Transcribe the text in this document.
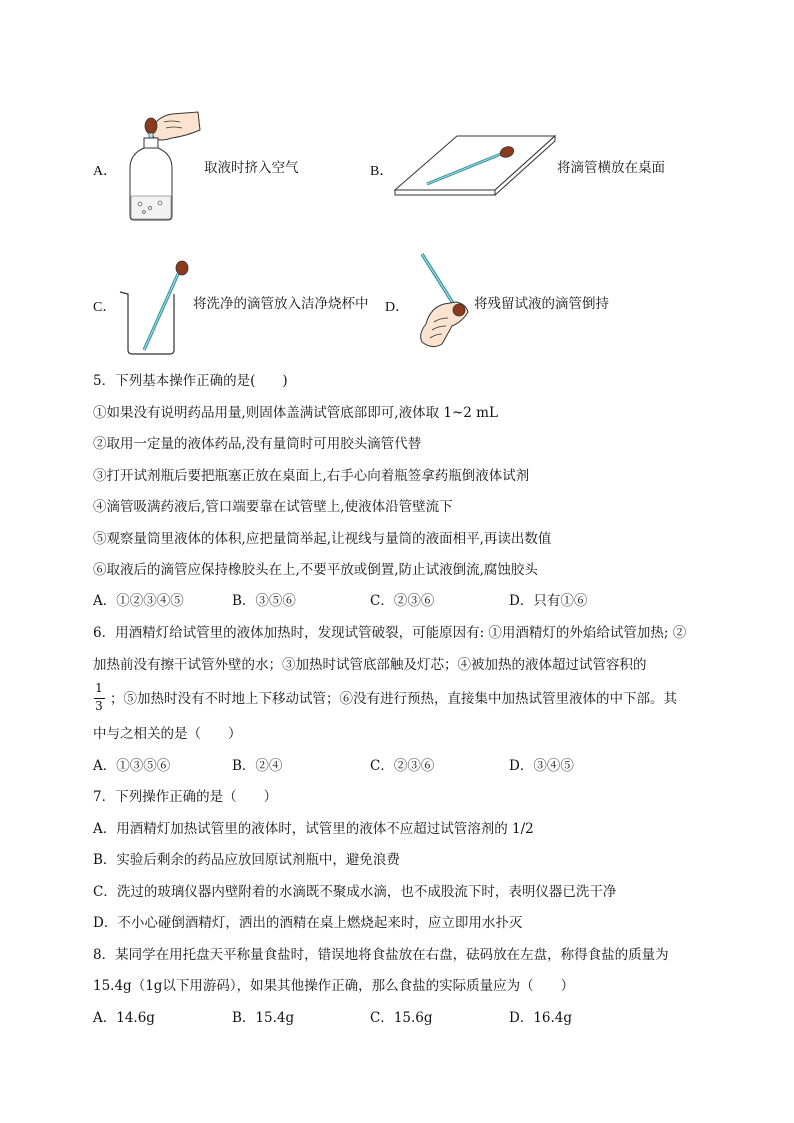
A．	取液时挤入空气	B．	将滴管横放在桌面
C．	将洗净的滴管放入洁净烧杯中 D．	将残留试液的滴管倒持
5．下列基本操作正确的是(　　)
①如果没有说明药品用量,则固体盖满试管底部即可,液体取 1~2 mL
②取用一定量的液体药品,没有量筒时可用胶头滴管代替
③打开试剂瓶后要把瓶塞正放在桌面上,右手心向着瓶签拿药瓶倒液体试剂
④滴管吸满药液后,管口端要靠在试管壁上,使液体沿管壁流下
⑤观察量筒里液体的体积,应把量筒举起,让视线与量筒的液面相平,再读出数值
⑥取液后的滴管应保持橡胶头在上,不要平放或倒置,防止试液倒流,腐蚀胶头
A．①②③④⑤	B．③⑤⑥	C．②③⑥	D．只有①⑥
6．用酒精灯给试管里的液体加热时，发现试管破裂，可能原因有: ①用酒精灯的外焰给试管加热; ②
加热前没有擦干试管外壁的水；③加热时试管底部触及灯芯；④被加热的液体超过试管容积的
1
3 ；⑤加热时没有不时地上下移动试管；⑥没有进行预热，直接集中加热试管里液体的中下部。其
中与之相关的是（　　）
A．①③⑤⑥	B．②④	C．②③⑥	D．③④⑤
7．下列操作正确的是（　　）
A．用酒精灯加热试管里的液体时，试管里的液体不应超过试管溶剂的 1/2
B．实验后剩余的药品应放回原试剂瓶中，避免浪费
C．洗过的玻璃仪器内壁附着的水滴既不聚成水滴，也不成股流下时，表明仪器已洗干净
D．不小心碰倒酒精灯，洒出的酒精在桌上燃烧起来时，应立即用水扑灭
8．某同学在用托盘天平称量食盐时，错误地将食盐放在右盘，砝码放在左盘，称得食盐的质量为
15.4g（1g以下用游码），如果其他操作正确，那么食盐的实际质量应为（　　）
A．14.6g	B．15.4g	C．15.6g	D．16.4g
